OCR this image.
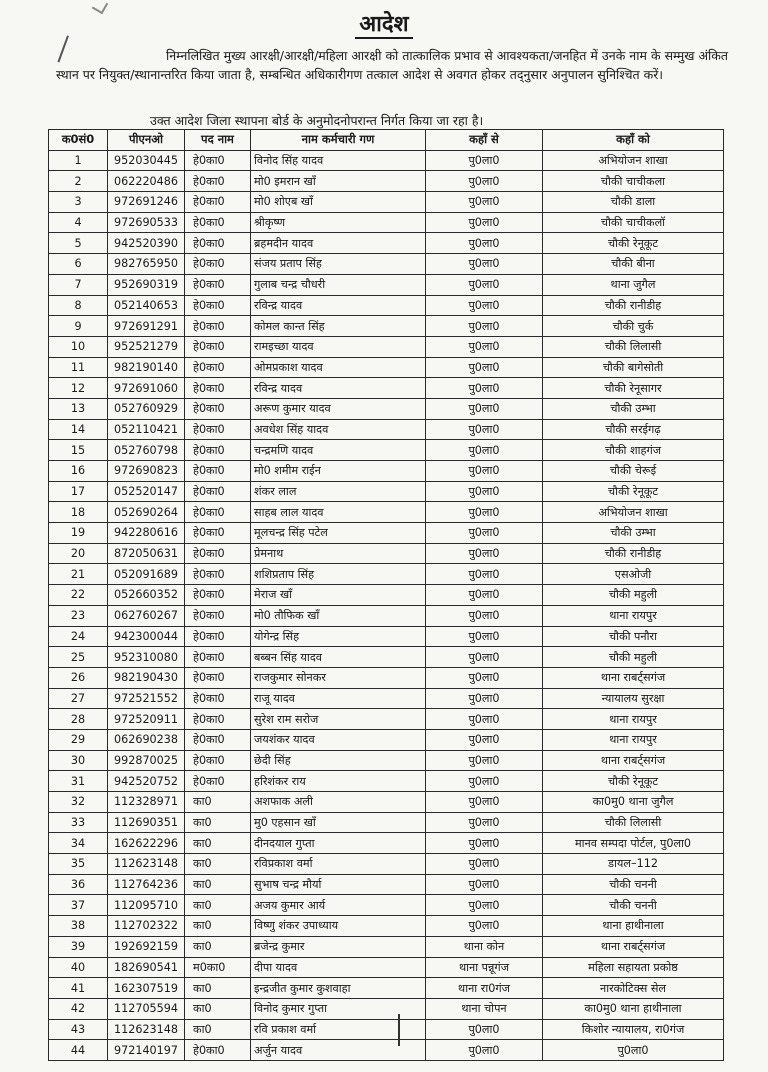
आदेश
निम्नलिखित मुख्य आरक्षी/आरक्षी/महिला आरक्षी को तात्कालिक प्रभाव से आवश्यकता/जनहित में उनके नाम के सम्मुख अंकित स्थान पर नियुक्त/स्थानान्तरित किया जाता है, सम्बन्धित अधिकारीगण तत्काल आदेश से अवगत होकर तद्नुसार अनुपालन सुनिश्चित करें।
उक्त आदेश जिला स्थापना बोर्ड के अनुमोदनोपरान्त निर्गत किया जा रहा है।
क0सं0	पीएनओ	पद नाम	नाम कर्मचारी गण	कहाँ से	कहाँ को
1	952030445	हे0का0	विनोद सिंह यादव	पु0ला0	अभियोजन शाखा
2	062220486	हे0का0	मो0 इमरान खाँ	पु0ला0	चौकी चाचीकला
3	972691246	हे0का0	मो0 शोएब खाँ	पु0ला0	चौकी डाला
4	972690533	हे0का0	श्रीकृष्ण	पु0ला0	चौकी चाचीकलॉ
5	942520390	हे0का0	ब्रहमदीन यादव	पु0ला0	चौकी रेनूकूट
6	982765950	हे0का0	संजय प्रताप सिंह	पु0ला0	चौकी बीना
7	952690319	हे0का0	गुलाब चन्द्र चौधरी	पु0ला0	थाना जुगैल
8	052140653	हे0का0	रविन्द्र यादव	पु0ला0	चौकी रानीडीह
9	972691291	हे0का0	कोमल कान्त सिंह	पु0ला0	चौकी चुर्क
10	952521279	हे0का0	रामइच्छा यादव	पु0ला0	चौकी लिलासी
11	982190140	हे0का0	ओमप्रकाश यादव	पु0ला0	चौकी बागेसोती
12	972691060	हे0का0	रविन्द्र यादव	पु0ला0	चौकी रेनूसागर
13	052760929	हे0का0	अरूण कुमार यादव	पु0ला0	चौकी उम्भा
14	052110421	हे0का0	अवधेश सिंह यादव	पु0ला0	चौकी सरईगढ़
15	052760798	हे0का0	चन्द्रमणि यादव	पु0ला0	चौकी शाहगंज
16	972690823	हे0का0	मो0 शमीम राईन	पु0ला0	चौकी चेरूई
17	052520147	हे0का0	शंकर लाल	पु0ला0	चौकी रेनूकूट
18	052690264	हे0का0	साहब लाल यादव	पु0ला0	अभियोजन शाखा
19	942280616	हे0का0	मूलचन्द्र सिंह पटेल	पु0ला0	चौकी उम्भा
20	872050631	हे0का0	प्रेमनाथ	पु0ला0	चौकी रानीडीह
21	052091689	हे0का0	शशिप्रताप सिंह	पु0ला0	एसओजी
22	052660352	हे0का0	मेराज खाँ	पु0ला0	चौकी महुली
23	062760267	हे0का0	मो0 तौफिक खाँ	पु0ला0	थाना रायपुर
24	942300044	हे0का0	योगेन्द्र सिंह	पु0ला0	चौकी पनौरा
25	952310080	हे0का0	बब्बन सिंह यादव	पु0ला0	चौकी महुली
26	982190430	हे0का0	राजकुमार सोनकर	पु0ला0	थाना राबर्ट्सगंज
27	972521552	हे0का0	राजू यादव	पु0ला0	न्यायालय सुरक्षा
28	972520911	हे0का0	सुरेश राम सरोज	पु0ला0	थाना रायपुर
29	062690238	हे0का0	जयशंकर यादव	पु0ला0	थाना रायपुर
30	992870025	हे0का0	छेदी सिंह	पु0ला0	थाना राबर्ट्सगंज
31	942520752	हे0का0	हरिशंकर राय	पु0ला0	चौकी रेनूकूट
32	112328971	का0	अशफाक अली	पु0ला0	का0मु0 थाना जुगैल
33	112690351	का0	मु0 एहसान खाँ	पु0ला0	चौकी लिलासी
34	162622296	का0	दीनदयाल गुप्ता	पु0ला0	मानव सम्पदा पोर्टल, पु0ला0
35	112623148	का0	रविप्रकाश वर्मा	पु0ला0	डायल–112
36	112764236	का0	सुभाष चन्द्र मौर्या	पु0ला0	चौकी चननी
37	112095710	का0	अजय कुमार आर्य	पु0ला0	चौकी चननी
38	112702322	का0	विष्णु शंकर उपाध्याय	पु0ला0	थाना हाथीनाला
39	192692159	का0	ब्रजेन्द्र कुमार	थाना कोन	थाना राबर्ट्सगंज
40	182690541	म0का0	दीपा यादव	थाना पन्नूगंज	महिला सहायता प्रकोष्ठ
41	162307519	का0	इन्द्रजीत कुमार कुशवाहा	थाना रा0गंज	नारकोटिक्स सेल
42	112705594	का0	विनोद कुमार गुप्ता	थाना चोपन	का0मु0 थाना हाथीनाला
43	112623148	का0	रवि प्रकाश वर्मा	पु0ला0	किशोर न्यायालय, रा0गंज
44	972140197	हे0का0	अर्जुन यादव	पु0ला0	पु0ला0
